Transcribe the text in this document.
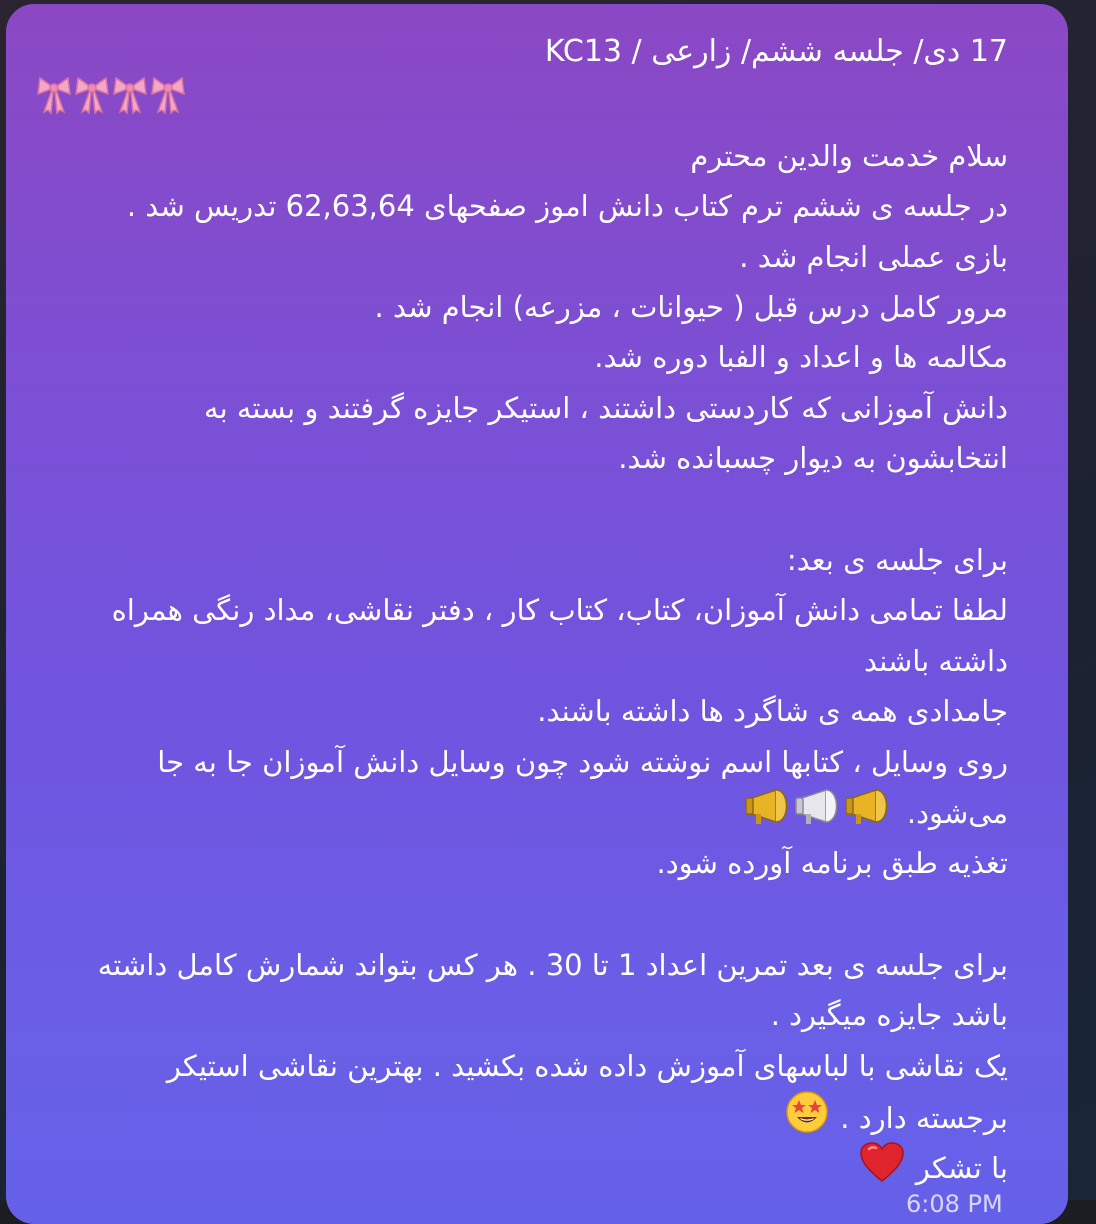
17 دی/ جلسه ششم/ زارعی / KC13
سلام خدمت والدین محترم
در جلسه ی ششم ترم کتاب دانش اموز صفحهای 62,63,64 تدریس شد .
بازی عملی انجام شد .
مرور کامل درس قبل ( حیوانات ، مزرعه) انجام شد .
مکالمه ها و اعداد و الفبا دوره شد.
دانش آموزانی که کاردستی داشتند ، استیکر جایزه گرفتند و بسته به
انتخابشون به دیوار چسبانده شد.
برای جلسه ی بعد:
لطفا تمامی دانش آموزان، کتاب، کتاب کار ، دفتر نقاشی، مداد رنگی همراه
داشته باشند
جامدادی همه ی شاگرد ها داشته باشند.
روی وسایل ، کتابها اسم نوشته شود چون وسایل دانش آموزان جا به جا
می‌شود.
تغذیه طبق برنامه آورده شود.
برای جلسه ی بعد تمرین اعداد 1 تا 30 . هر کس بتواند شمارش کامل داشته
باشد جایزه میگیرد .
یک نقاشی با لباسهای آموزش داده شده بکشید . بهترین نقاشی استیکر
برجسته دارد .
با تشکر
6:08 PM
